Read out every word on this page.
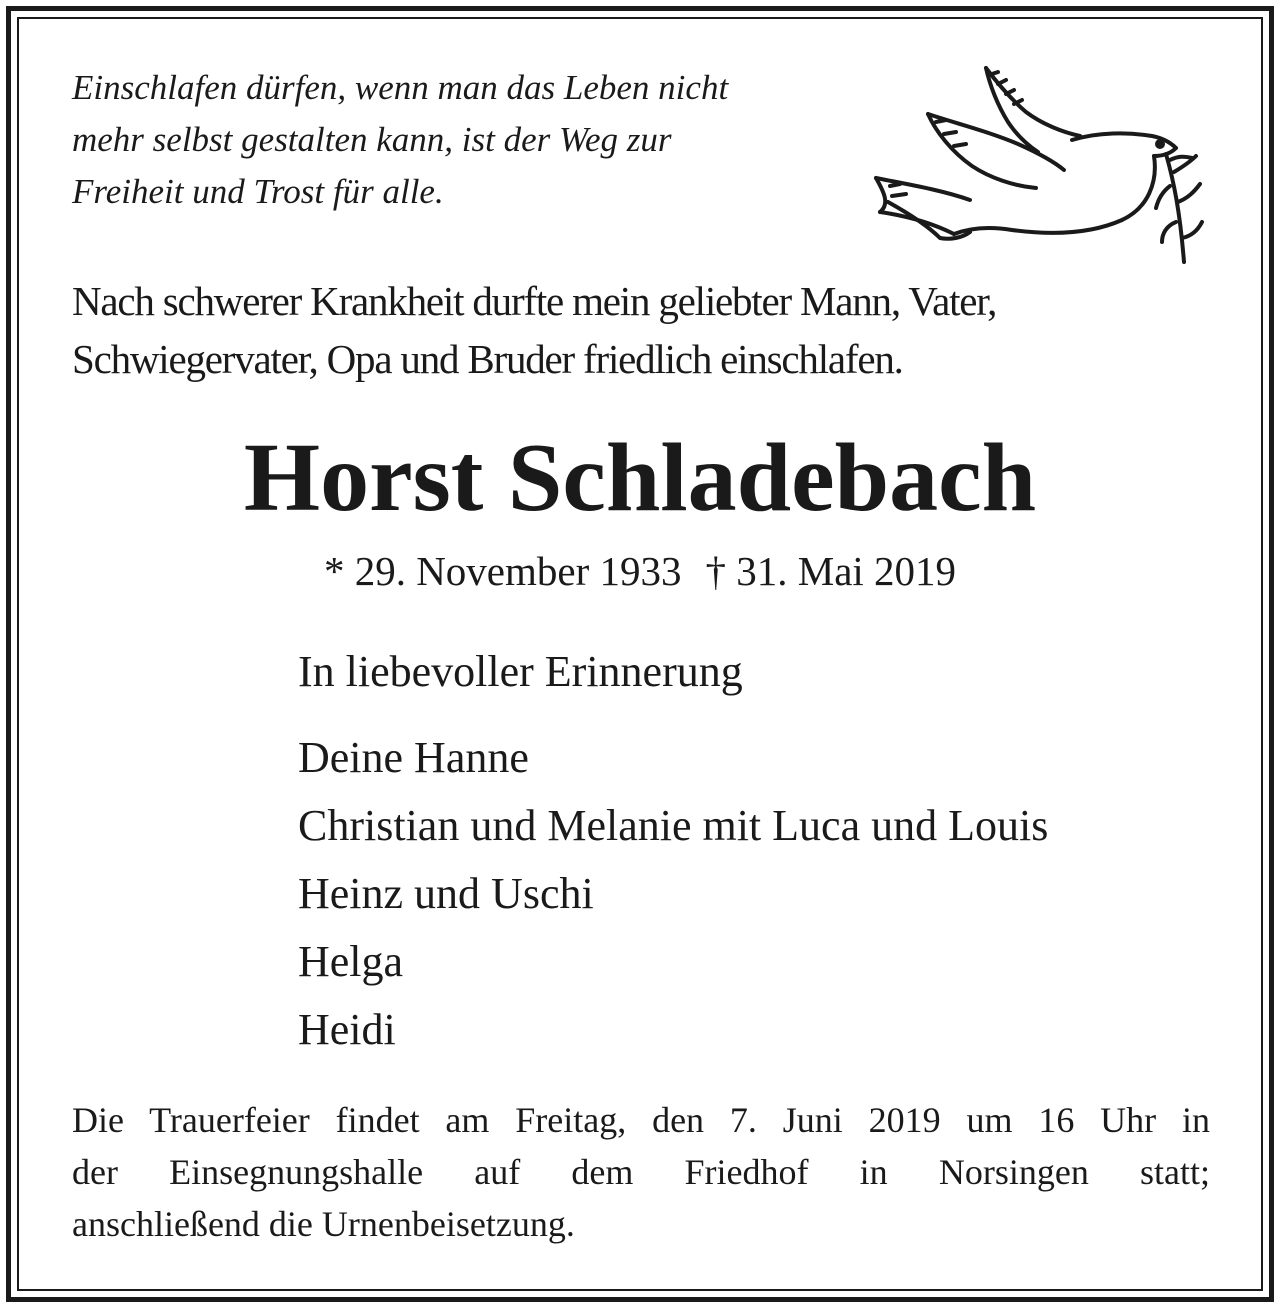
Einschlafen dürfen, wenn man das Leben nicht
mehr selbst gestalten kann, ist der Weg zur
Freiheit und Trost für alle.

Nach schwerer Krankheit durfte mein geliebter Mann, Vater,
Schwiegervater, Opa und Bruder friedlich einschlafen.

Horst Schladebach

* 29. November 1933 † 31. Mai 2019

In liebevoller Erinnerung

Deine Hanne
Christian und Melanie mit Luca und Louis
Heinz und Uschi
Helga
Heidi

Die Trauerfeier findet am Freitag, den 7. Juni 2019 um 16 Uhr in
der Einsegnungshalle auf dem Friedhof in Norsingen statt;
anschließend die Urnenbeisetzung.
